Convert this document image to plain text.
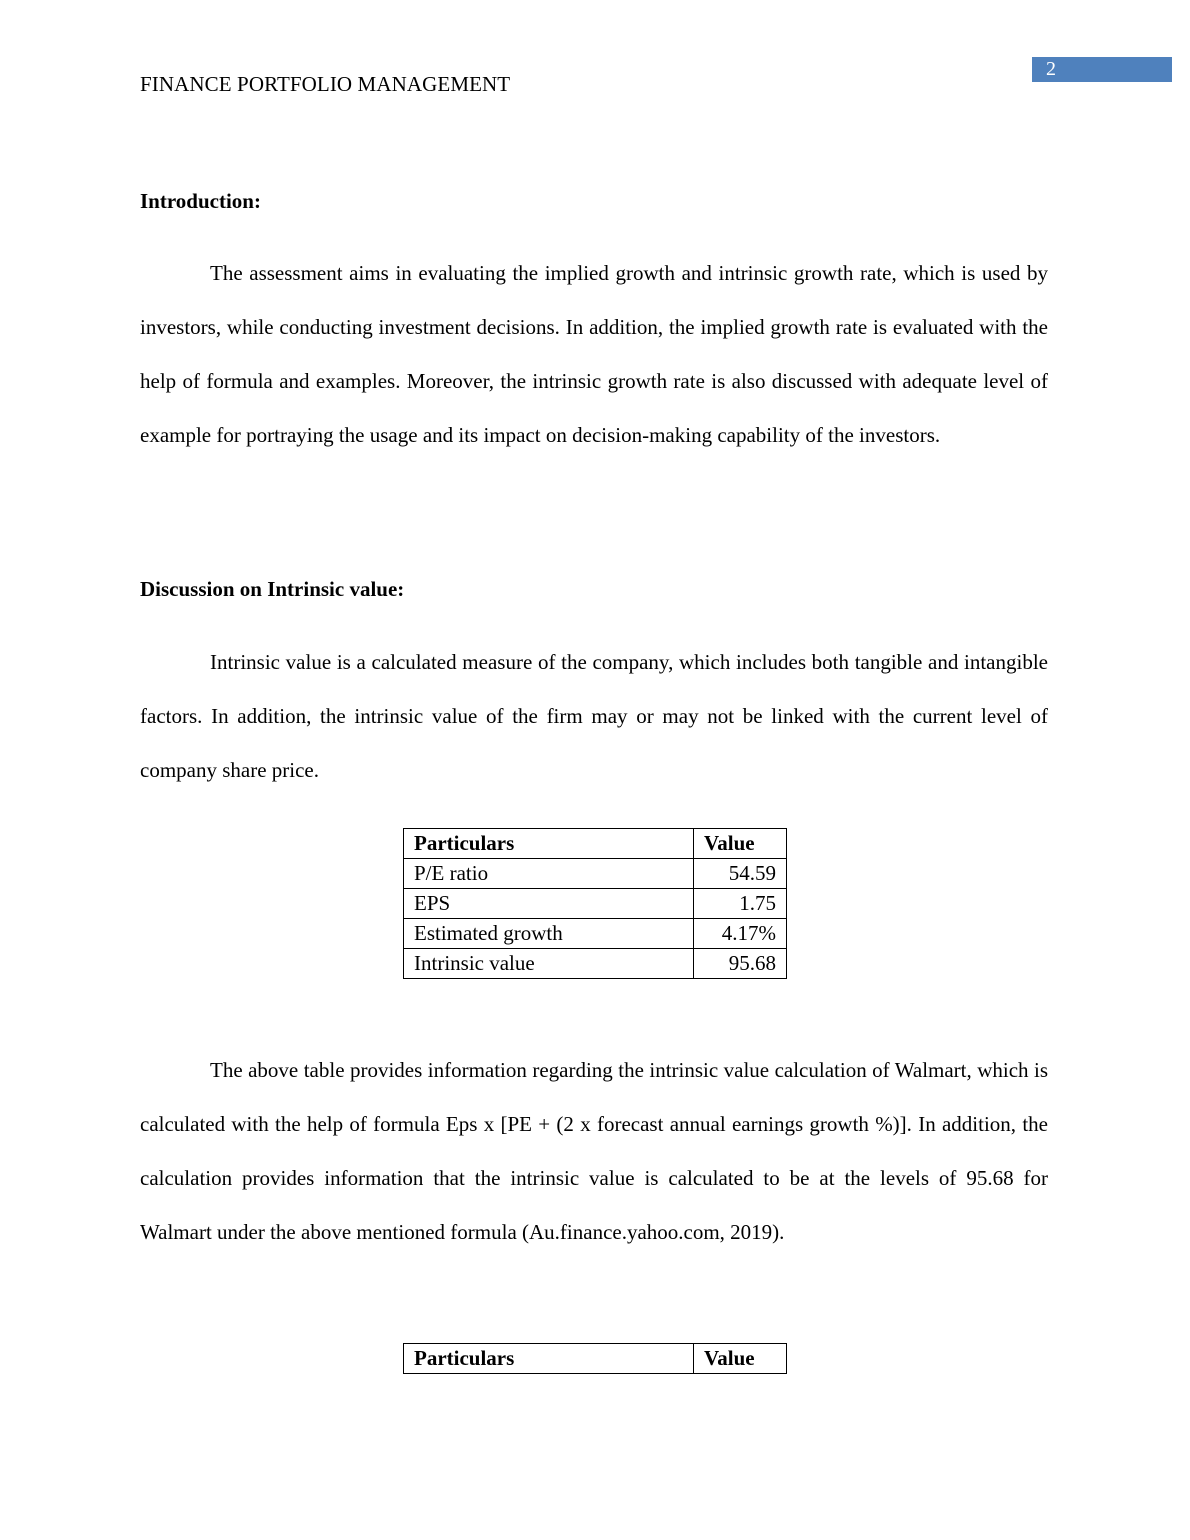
2
FINANCE PORTFOLIO MANAGEMENT
Introduction:

The assessment aims in evaluating the implied growth and intrinsic growth rate, which is used by investors, while conducting investment decisions. In addition, the implied growth rate is evaluated with the help of formula and examples. Moreover, the intrinsic growth rate is also discussed with adequate level of example for portraying the usage and its impact on decision-making capability of the investors.

Discussion on Intrinsic value:

Intrinsic value is a calculated measure of the company, which includes both tangible and intangible factors. In addition, the intrinsic value of the firm may or may not be linked with the current level of company share price.

Particulars	Value
P/E ratio	54.59
EPS	1.75
Estimated growth	4.17%
Intrinsic value	95.68

The above table provides information regarding the intrinsic value calculation of Walmart, which is calculated with the help of formula Eps x [PE + (2 x forecast annual earnings growth %)]. In addition, the calculation provides information that the intrinsic value is calculated to be at the levels of 95.68 for Walmart under the above mentioned formula (Au.finance.yahoo.com, 2019).

Particulars	Value
